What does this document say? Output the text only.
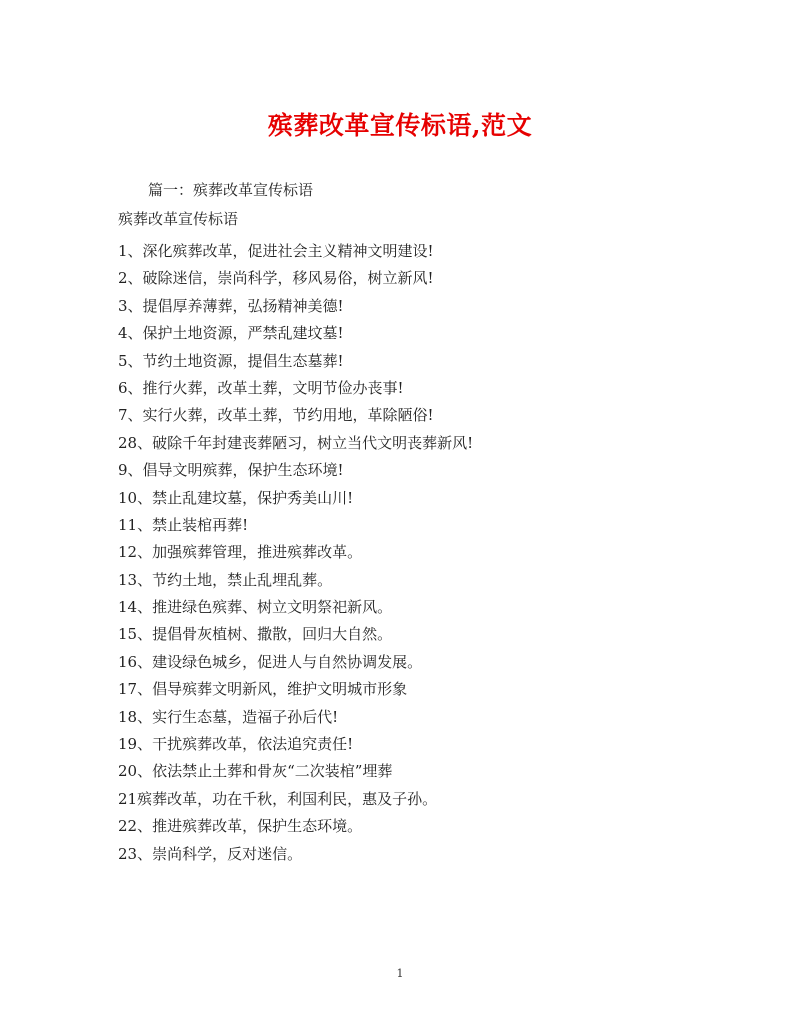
殡葬改革宣传标语,范文
篇一：殡葬改革宣传标语
殡葬改革宣传标语
1、深化殡葬改革，促进社会主义精神文明建设!
2、破除迷信，崇尚科学，移风易俗，树立新风!
3、提倡厚养薄葬，弘扬精神美德!
4、保护土地资源，严禁乱建坟墓!
5、节约土地资源，提倡生态墓葬!
6、推行火葬，改革土葬，文明节俭办丧事!
7、实行火葬，改革土葬，节约用地，革除陋俗!
28、破除千年封建丧葬陋习，树立当代文明丧葬新风!
9、倡导文明殡葬，保护生态环境!
10、禁止乱建坟墓，保护秀美山川!
11、禁止装棺再葬!
12、加强殡葬管理，推进殡葬改革。
13、节约土地，禁止乱埋乱葬。
14、推进绿色殡葬、树立文明祭祀新风。
15、提倡骨灰植树、撒散，回归大自然。
16、建设绿色城乡，促进人与自然协调发展。
17、倡导殡葬文明新风，维护文明城市形象
18、实行生态墓，造福子孙后代!
19、干扰殡葬改革，依法追究责任!
20、依法禁止土葬和骨灰“二次装棺”埋葬
21殡葬改革，功在千秋，利国利民，惠及子孙。
22、推进殡葬改革，保护生态环境。
23、崇尚科学，反对迷信。
1
